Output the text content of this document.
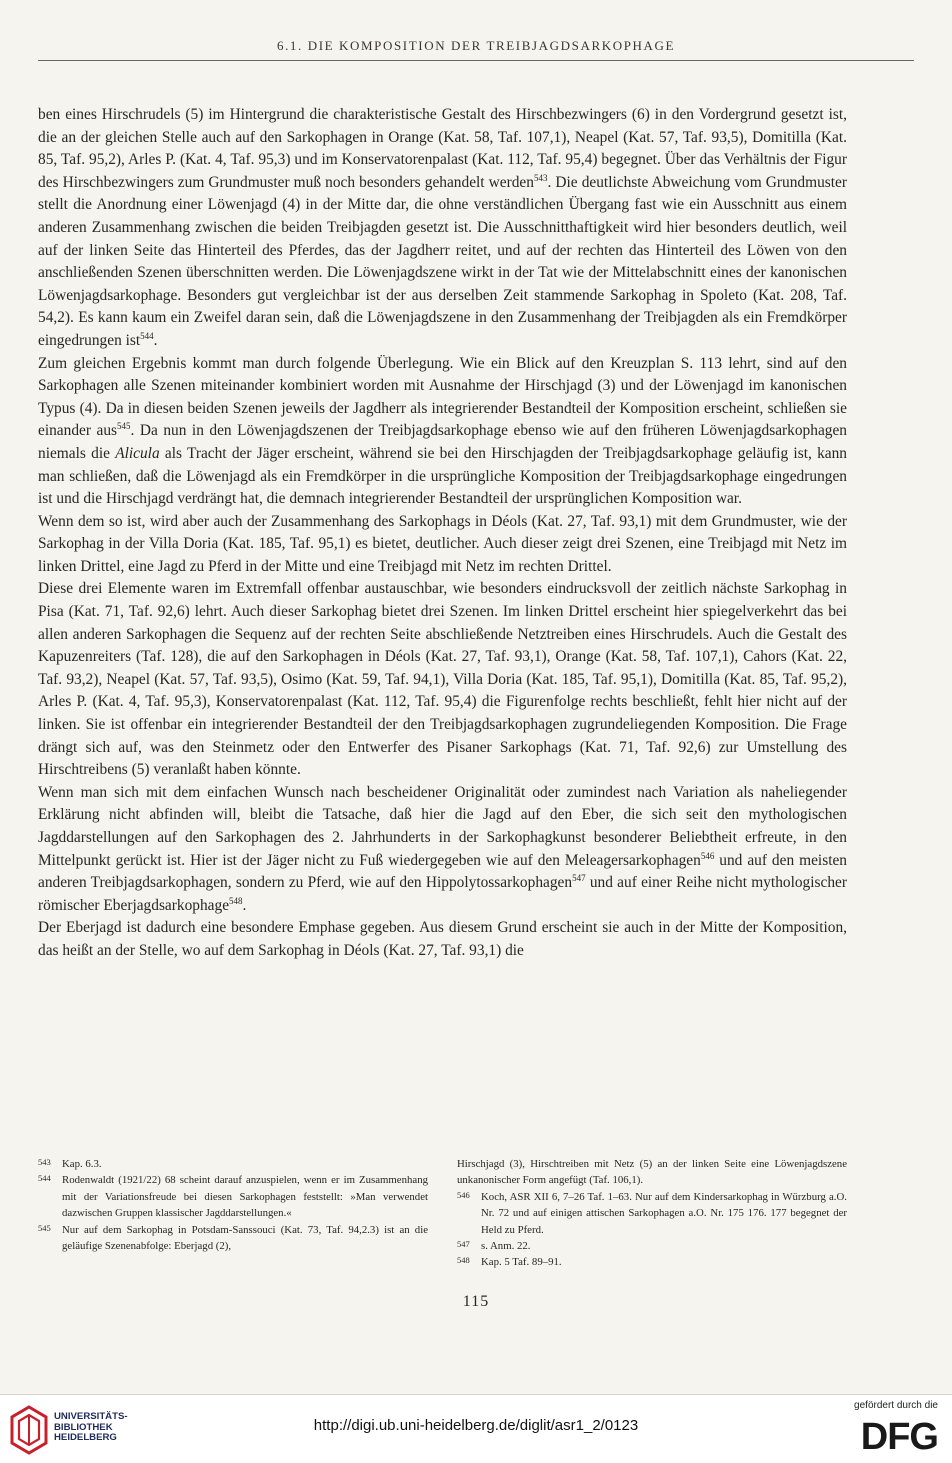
6.1. DIE KOMPOSITION DER TREIBJAGDSARKOPHAGE

ben eines Hirschrudels (5) im Hintergrund die charakteristische Gestalt des Hirschbezwingers (6) in den Vordergrund gesetzt ist, die an der gleichen Stelle auch auf den Sarkophagen in Orange (Kat. 58, Taf. 107,1), Neapel (Kat. 57, Taf. 93,5), Domitilla (Kat. 85, Taf. 95,2), Arles P. (Kat. 4, Taf. 95,3) und im Konservatorenpalast (Kat. 112, Taf. 95,4) begegnet. Über das Verhältnis der Figur des Hirschbezwingers zum Grundmuster muß noch besonders gehandelt werden$^{543}$. Die deutlichste Abweichung vom Grundmuster stellt die Anordnung einer Löwenjagd (4) in der Mitte dar, die ohne verständlichen Übergang fast wie ein Ausschnitt aus einem anderen Zusammenhang zwischen die beiden Treibjagden gesetzt ist. Die Ausschnitthaftigkeit wird hier besonders deutlich, weil auf der linken Seite das Hinterteil des Pferdes, das der Jagdherr reitet, und auf der rechten das Hinterteil des Löwen von den anschließenden Szenen überschnitten werden. Die Löwenjagdszene wirkt in der Tat wie der Mittelabschnitt eines der kanonischen Löwenjagdsarkophage. Besonders gut vergleichbar ist der aus derselben Zeit stammende Sarkophag in Spoleto (Kat. 208, Taf. 54,2). Es kann kaum ein Zweifel daran sein, daß die Löwenjagdszene in den Zusammenhang der Treibjagden als ein Fremdkörper eingedrungen ist$^{544}$.

Zum gleichen Ergebnis kommt man durch folgende Überlegung. Wie ein Blick auf den Kreuzplan S. 113 lehrt, sind auf den Sarkophagen alle Szenen miteinander kombiniert worden mit Ausnahme der Hirschjagd (3) und der Löwenjagd im kanonischen Typus (4). Da in diesen beiden Szenen jeweils der Jagdherr als integrierender Bestandteil der Komposition erscheint, schließen sie einander aus$^{545}$. Da nun in den Löwenjagdszenen der Treibjagdsarkophage ebenso wie auf den früheren Löwenjagdsarkophagen niemals die Alicula als Tracht der Jäger erscheint, während sie bei den Hirschjagden der Treibjagdsarkophage geläufig ist, kann man schließen, daß die Löwenjagd als ein Fremdkörper in die ursprüngliche Komposition der Treibjagdsarkophage eingedrungen ist und die Hirschjagd verdrängt hat, die demnach integrierender Bestandteil der ursprünglichen Komposition war.

Wenn dem so ist, wird aber auch der Zusammenhang des Sarkophags in Déols (Kat. 27, Taf. 93,1) mit dem Grundmuster, wie der Sarkophag in der Villa Doria (Kat. 185, Taf. 95,1) es bietet, deutlicher. Auch dieser zeigt drei Szenen, eine Treibjagd mit Netz im linken Drittel, eine Jagd zu Pferd in der Mitte und eine Treibjagd mit Netz im rechten Drittel.

Diese drei Elemente waren im Extremfall offenbar austauschbar, wie besonders eindrucksvoll der zeitlich nächste Sarkophag in Pisa (Kat. 71, Taf. 92,6) lehrt. Auch dieser Sarkophag bietet drei Szenen. Im linken Drittel erscheint hier spiegelverkehrt das bei allen anderen Sarkophagen die Sequenz auf der rechten Seite abschließende Netztreiben eines Hirschrudels. Auch die Gestalt des Kapuzenreiters (Taf. 128), die auf den Sarkophagen in Déols (Kat. 27, Taf. 93,1), Orange (Kat. 58, Taf. 107,1), Cahors (Kat. 22, Taf. 93,2), Neapel (Kat. 57, Taf. 93,5), Osimo (Kat. 59, Taf. 94,1), Villa Doria (Kat. 185, Taf. 95,1), Domitilla (Kat. 85, Taf. 95,2), Arles P. (Kat. 4, Taf. 95,3), Konservatorenpalast (Kat. 112, Taf. 95,4) die Figurenfolge rechts beschließt, fehlt hier nicht auf der linken. Sie ist offenbar ein integrierender Bestandteil der den Treibjagdsarkophagen zugrundeliegenden Komposition. Die Frage drängt sich auf, was den Steinmetz oder den Entwerfer des Pisaner Sarkophags (Kat. 71, Taf. 92,6) zur Umstellung des Hirschtreibens (5) veranlaßt haben könnte.

Wenn man sich mit dem einfachen Wunsch nach bescheidener Originalität oder zumindest nach Variation als naheliegender Erklärung nicht abfinden will, bleibt die Tatsache, daß hier die Jagd auf den Eber, die sich seit den mythologischen Jagddarstellungen auf den Sarkophagen des 2. Jahrhunderts in der Sarkophagkunst besonderer Beliebtheit erfreute, in den Mittelpunkt gerückt ist. Hier ist der Jäger nicht zu Fuß wiedergegeben wie auf den Meleagersarkophagen$^{546}$ und auf den meisten anderen Treibjagdsarkophagen, sondern zu Pferd, wie auf den Hippolytossarkophagen$^{547}$ und auf einer Reihe nicht mythologischer römischer Eberjagdsarkophage$^{548}$.

Der Eberjagd ist dadurch eine besondere Emphase gegeben. Aus diesem Grund erscheint sie auch in der Mitte der Komposition, das heißt an der Stelle, wo auf dem Sarkophag in Déols (Kat. 27, Taf. 93,1) die

543	Kap. 6.3.
544	Rodenwaldt (1921/22) 68 scheint darauf anzuspielen, wenn er im Zusammenhang mit der Variationsfreude bei diesen Sarkophagen feststellt: »Man verwendet dazwischen Gruppen klassischer Jagddarstellungen.«
545	Nur auf dem Sarkophag in Potsdam-Sanssouci (Kat. 73, Taf. 94,2.3) ist an die geläufige Szenenabfolge: Eberjagd (2),
Hirschjagd (3), Hirschtreiben mit Netz (5) an der linken Seite eine Löwenjagdszene unkanonischer Form angefügt (Taf. 106,1).
546	Koch, ASR XII 6, 7–26 Taf. 1–63. Nur auf dem Kindersarkophag in Würzburg a.O. Nr. 72 und auf einigen attischen Sarkophagen a.O. Nr. 175 176. 177 begegnet der Held zu Pferd.
547	s. Anm. 22.
548	Kap. 5 Taf. 89–91.
115
UNIVERSITÄTS-
BIBLIOTHEK
HEIDELBERG
http://digi.ub.uni-heidelberg.de/diglit/asr1_2/0123
gefördert durch die
DFG
